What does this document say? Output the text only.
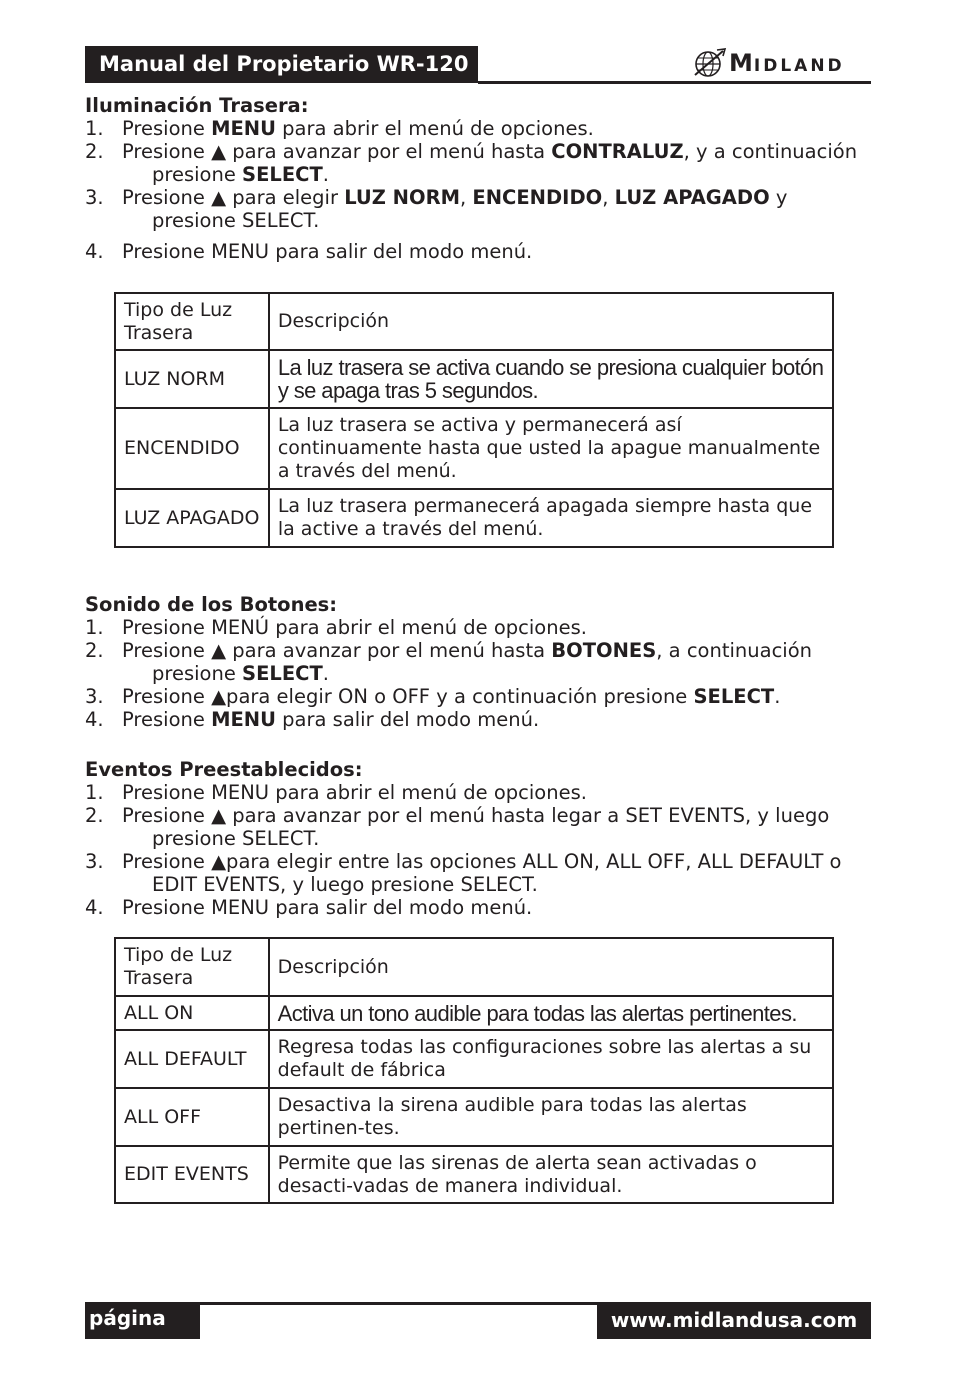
Manual del Propietario WR-120	MIDLAND
Iluminación Trasera:
1. Presione MENU para abrir el menú de opciones.
2. Presione ▲ para avanzar por el menú hasta CONTRALUZ, y a continuación presione SELECT.
3. Presione ▲ para elegir LUZ NORM, ENCENDIDO, LUZ APAGADO y presione SELECT.
4. Presione MENU para salir del modo menú.
Sonido de los Botones:
1. Presione MENÚ para abrir el menú de opciones.
2. Presione ▲ para avanzar por el menú hasta BOTONES, a continuación presione SELECT.
3. Presione ▲para elegir ON o OFF y a continuación presione SELECT.
4. Presione MENU para salir del modo menú.
Eventos Preestablecidos:
1. Presione MENU para abrir el menú de opciones.
2. Presione ▲ para avanzar por el menú hasta legar a SET EVENTS, y luego presione SELECT.
3. Presione ▲para elegir entre las opciones ALL ON, ALL OFF, ALL DEFAULT o EDIT EVENTS, y luego presione SELECT.
4. Presione MENU para salir del modo menú.
Tipo de Luz Trasera	Descripción
LUZ NORM	La luz trasera se activa cuando se presiona cualquier botón y se apaga tras 5 segundos.
ENCENDIDO	La luz trasera se activa y permanecerá así continuamente hasta que usted la apague manualmente a través del menú.
LUZ APAGADO	La luz trasera permanecerá apagada siempre hasta que la active a través del menú.
Tipo de Luz Trasera	Descripción
ALL ON	Activa un tono audible para todas las alertas pertinentes.
ALL DEFAULT	Regresa todas las configuraciones sobre las alertas a su default de fábrica
ALL OFF	Desactiva la sirena audible para todas las alertas pertinen-tes.
EDIT EVENTS	Permite que las sirenas de alerta sean activadas o desacti-vadas de manera individual.
página 30
www.midlandusa.com
